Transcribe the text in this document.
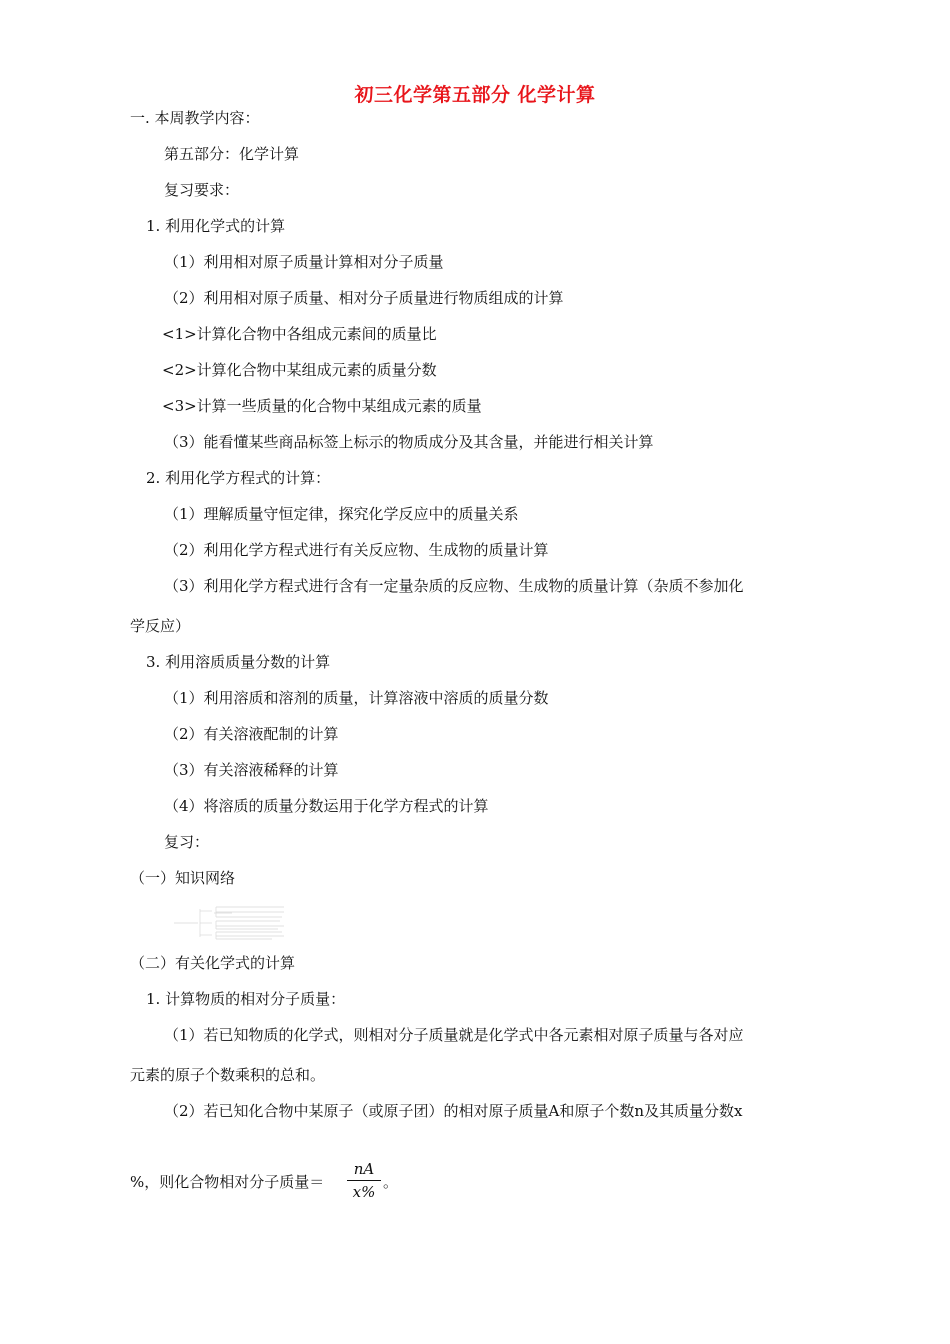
初三化学第五部分 化学计算
一. 本周教学内容：
第五部分：化学计算
复习要求：
1. 利用化学式的计算
（1）利用相对原子质量计算相对分子质量
（2）利用相对原子质量、相对分子质量进行物质组成的计算
<1>计算化合物中各组成元素间的质量比
<2>计算化合物中某组成元素的质量分数
<3>计算一些质量的化合物中某组成元素的质量
（3）能看懂某些商品标签上标示的物质成分及其含量，并能进行相关计算
2. 利用化学方程式的计算：
（1）理解质量守恒定律，探究化学反应中的质量关系
（2）利用化学方程式进行有关反应物、生成物的质量计算
（3）利用化学方程式进行含有一定量杂质的反应物、生成物的质量计算（杂质不参加化
学反应）
3. 利用溶质质量分数的计算
（1）利用溶质和溶剂的质量，计算溶液中溶质的质量分数
（2）有关溶液配制的计算
（3）有关溶液稀释的计算
（4）将溶质的质量分数运用于化学方程式的计算
复习：
（一）知识网络
（二）有关化学式的计算
1. 计算物质的相对分子质量：
（1）若已知物质的化学式，则相对分子质量就是化学式中各元素相对原子质量与各对应
元素的原子个数乘积的总和。
（2）若已知化合物中某原子（或原子团）的相对原子质量A和原子个数n及其质量分数x
%，则化合物相对分子质量＝
nA
x%
。
